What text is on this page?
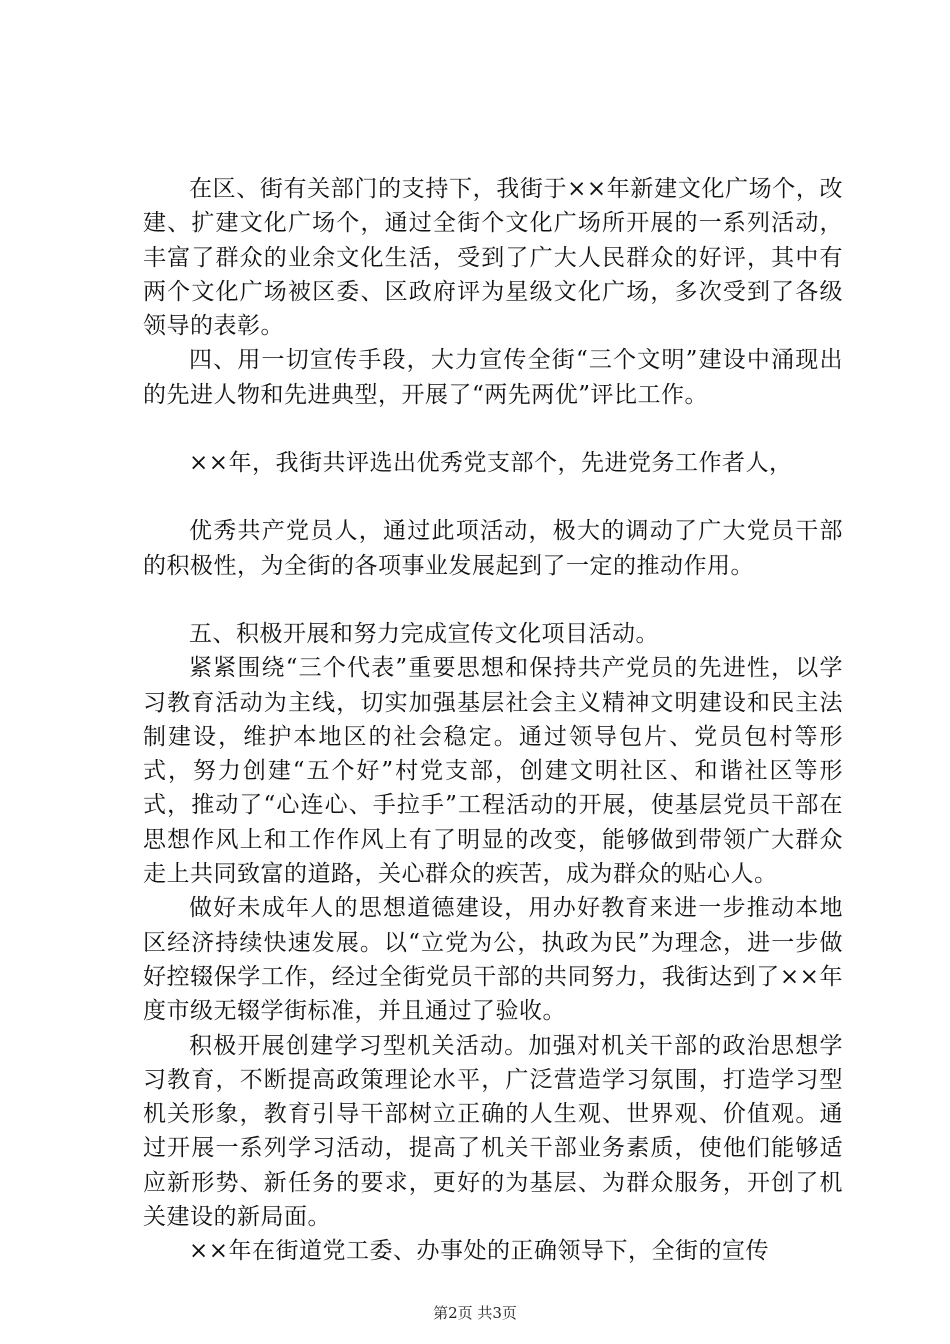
在区、街有关部门的支持下，我街于××年新建文化广场个，改建、扩建文化广场个，通过全街个文化广场所开展的一系列活动，丰富了群众的业余文化生活，受到了广大人民群众的好评，其中有两个文化广场被区委、区政府评为星级文化广场，多次受到了各级领导的表彰。

四、用一切宣传手段，大力宣传全街“三个文明”建设中涌现出的先进人物和先进典型，开展了“两先两优”评比工作。

××年，我街共评选出优秀党支部个，先进党务工作者人，

优秀共产党员人，通过此项活动，极大的调动了广大党员干部的积极性，为全街的各项事业发展起到了一定的推动作用。

五、积极开展和努力完成宣传文化项目活动。

紧紧围绕“三个代表”重要思想和保持共产党员的先进性，以学习教育活动为主线，切实加强基层社会主义精神文明建设和民主法制建设，维护本地区的社会稳定。通过领导包片、党员包村等形式，努力创建“五个好”村党支部，创建文明社区、和谐社区等形式，推动了“心连心、手拉手”工程活动的开展，使基层党员干部在思想作风上和工作作风上有了明显的改变，能够做到带领广大群众走上共同致富的道路，关心群众的疾苦，成为群众的贴心人。

做好未成年人的思想道德建设，用办好教育来进一步推动本地区经济持续快速发展。以“立党为公，执政为民”为理念，进一步做好控辍保学工作，经过全街党员干部的共同努力，我街达到了××年度市级无辍学街标准，并且通过了验收。

积极开展创建学习型机关活动。加强对机关干部的政治思想学习教育，不断提高政策理论水平，广泛营造学习氛围，打造学习型机关形象，教育引导干部树立正确的人生观、世界观、价值观。通过开展一系列学习活动，提高了机关干部业务素质，使他们能够适应新形势、新任务的要求，更好的为基层、为群众服务，开创了机关建设的新局面。

××年在街道党工委、办事处的正确领导下，全街的宣传

第2页 共3页
